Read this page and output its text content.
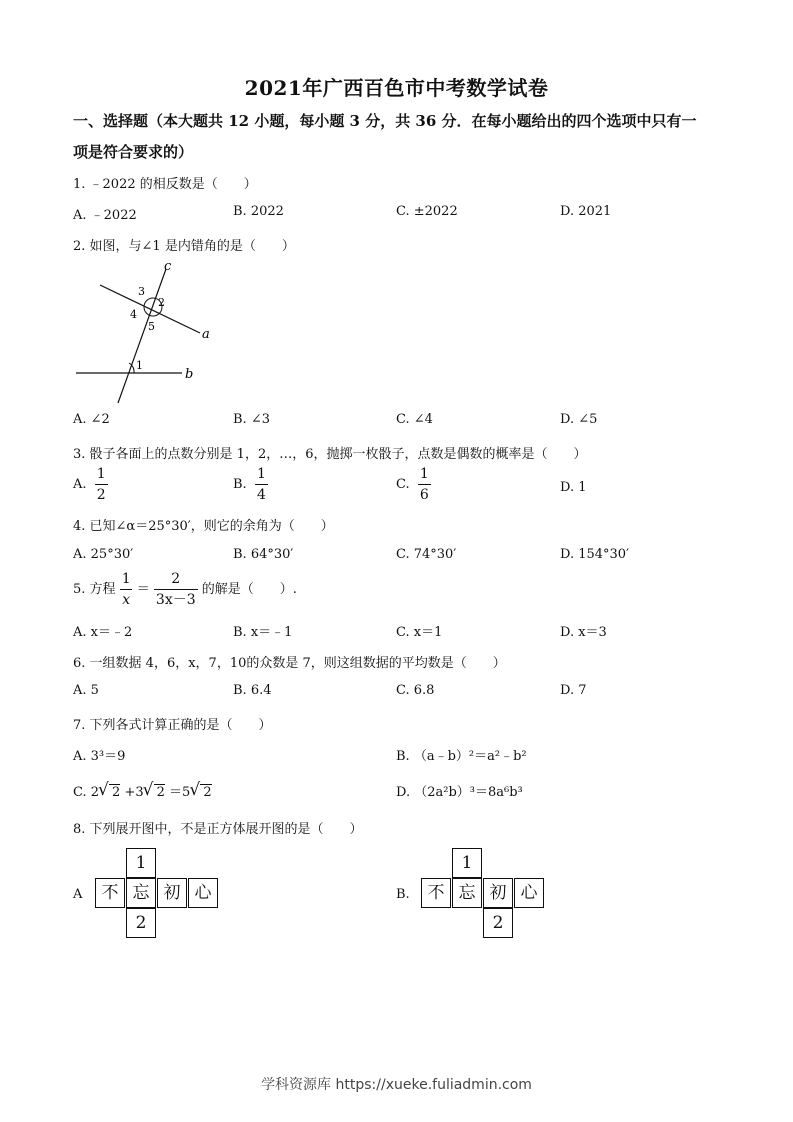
2021年广西百色市中考数学试卷
一、选择题（本大题共 12 小题，每小题 3 分，共 36 分．在每小题给出的四个选项中只有一
项是符合要求的）
1. ﹣2022 的相反数是（　　）
A. ﹣2022	B. 2022	C. ±2022	D. 2021
2. 如图，与∠1 是内错角的是（　　）
c
a
b
1
2
3
4
5
A. ∠2	B. ∠3	C. ∠4	D. ∠5
3. 骰子各面上的点数分别是 1，2，…，6，抛掷一枚骰子，点数是偶数的概率是（　　）
A. $\frac{1}{2}$	B. $\frac{1}{4}$	C. $\frac{1}{6}$	D. 1
4. 已知∠α＝25°30′，则它的余角为（　　）
A. 25°30′	B. 64°30′	C. 74°30′	D. 154°30′
5. 方程 $\frac{1}{x} = \frac{2}{3x-3}$ 的解是（　　）.
A. x＝﹣2	B. x＝﹣1	C. x＝1	D. x＝3
6. 一组数据 4，6，x，7，10的众数是 7，则这组数据的平均数是（　　）
A. 5	B. 6.4	C. 6.8	D. 7
7. 下列各式计算正确的是（　　）
A. 3³＝9	B. （a﹣b）²＝a²﹣b²
C. 2 √ 2 +3 √ 2 ＝5 √ 2	D. （2a²b）³＝8a⁶b³
8. 下列展开图中，不是正方体展开图的是（　　）
A
1
不 忘 初 心
2
B.
1
不 忘 初 心
2
学科资源库 https://xueke.fuliadmin.com
